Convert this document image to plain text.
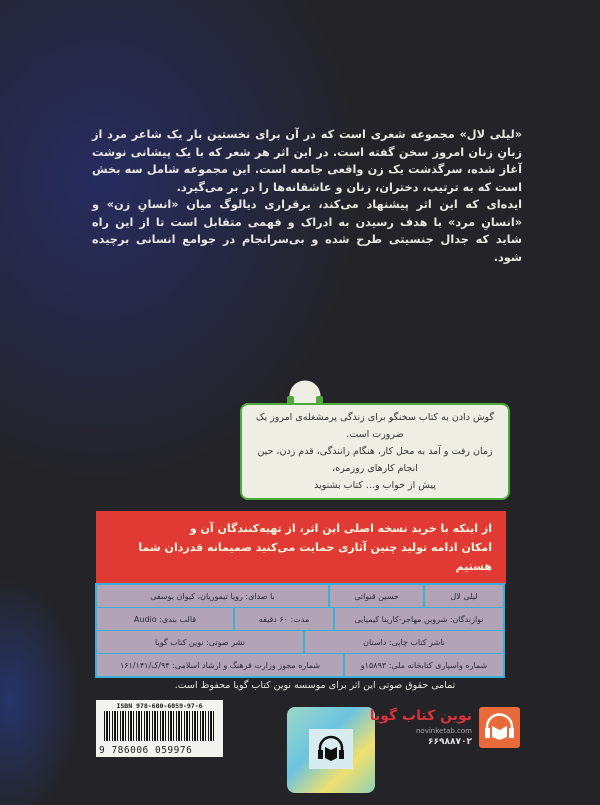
«لیلی لال» مجموعه شعری است که در آن برای نخستین بار یک شاعر مرد از زبانِ زنان امروز سخن گفته است. در این اثر هر شعر که با یک پیشانی نوشت آغاز شده، سرگذشت یک زن واقعی جامعه است. این مجموعه شامل سه بخش است که به ترتیب، دختران، زنان و عاشقانه‌ها را در بر می‌گیرد.

ایده‌ای که این اثر پیشنهاد می‌کند، برقراری دیالوگ میان «انسانِ زن» و «انسانِ مرد» با هدف رسیدن به ادراک و فهمی متقابل است تا از این راه شاید که جدال جنسیتی طرح شده و بی‌سرانجام در جوامع انسانی برچیده شود.

گوش دادن به کتاب سخنگو برای زندگی پرمشغله‌ی امروز یک ضرورت است.
زمان رفت و آمد به محل کار، هنگام رانندگی، قدم زدن، حین انجام کارهای روزمره،
پیش از خواب و... کتاب بشنوید
از اینکه با خرید نسخه اصلی این اثر، از تهیه‌کنندگان آن و
امکان ادامه تولید چنین آثاری حمایت می‌کنید صمیمانه قدردان شما هستیم
لیلی لال
حسین قنواتی
با صدای: رویا تیموریان، کیوان یوسفی
نوازندگان: شروین مهاجر-کارینا کیمیایی
مدت: ۶۰ دقیقه
قالب بندی: Audio
ناشر کتاب چاپی: داستان
نشر صوتی: نوین کتاب گویا
شماره واسپاری کتابخانه ملی: ۱۵۸۹۳و
شماره مجوز وزارت فرهنگ و ارشاد اسلامی: ۹۴/ک/۱۶۱/۱۴۱
تمامی حقوق صوتی این اثر برای موسسه نوین کتاب گویا محفوظ است.
ISBN 978-600-6059-97-6
9 786006 059976
نوین کتاب گویا
novinketab.com
۶۶۹۸۸۷۰۲
